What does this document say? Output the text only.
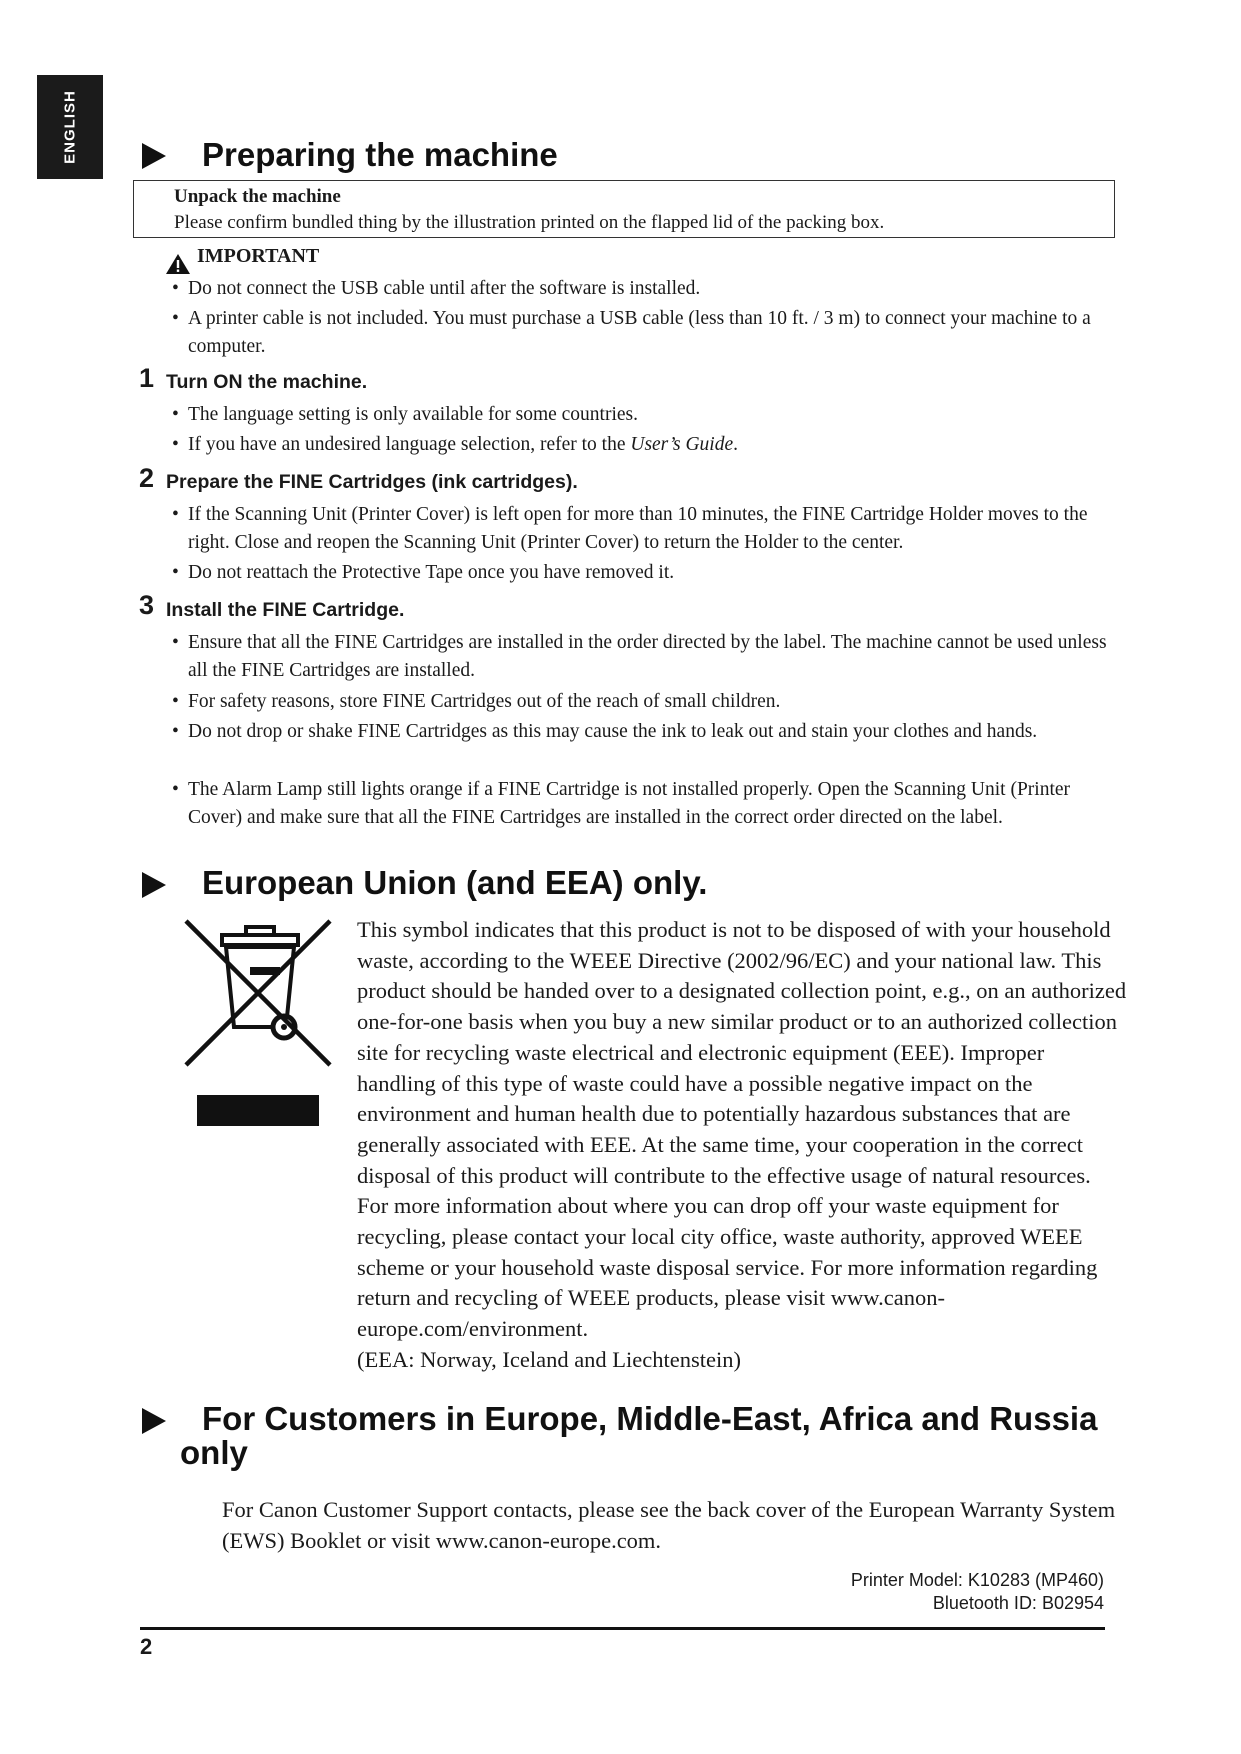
ENGLISH	Preparing the machine
Unpack the machine
Please confirm bundled thing by the illustration printed on the flapped lid of the packing box.
IMPORTANT
• Do not connect the USB cable until after the software is installed.
• A printer cable is not included. You must purchase a USB cable (less than 10 ft. / 3 m) to connect your machine to a computer.
1 Turn ON the machine.
• The language setting is only available for some countries.
• If you have an undesired language selection, refer to the User’s Guide.
2 Prepare the FINE Cartridges (ink cartridges).
• If the Scanning Unit (Printer Cover) is left open for more than 10 minutes, the FINE Cartridge Holder moves to the right. Close and reopen the Scanning Unit (Printer Cover) to return the Holder to the center.
• Do not reattach the Protective Tape once you have removed it.
3 Install the FINE Cartridge.
• Ensure that all the FINE Cartridges are installed in the order directed by the label. The machine cannot be used unless all the FINE Cartridges are installed.
• For safety reasons, store FINE Cartridges out of the reach of small children.
• Do not drop or shake FINE Cartridges as this may cause the ink to leak out and stain your clothes and hands.
• The Alarm Lamp still lights orange if a FINE Cartridge is not installed properly. Open the Scanning Unit (Printer Cover) and make sure that all the FINE Cartridges are installed in the correct order directed on the label.
European Union (and EEA) only.

This symbol indicates that this product is not to be disposed of with your household waste, according to the WEEE Directive (2002/96/EC) and your national law. This product should be handed over to a designated collection point, e.g., on an authorized one-for-one basis when you buy a new similar product or to an authorized collection site for recycling waste electrical and electronic equipment (EEE). Improper handling of this type of waste could have a possible negative impact on the environment and human health due to potentially hazardous substances that are generally associated with EEE. At the same time, your cooperation in the correct disposal of this product will contribute to the effective usage of natural resources. For more information about where you can drop off your waste equipment for recycling, please contact your local city office, waste authority, approved WEEE scheme or your household waste disposal service. For more information regarding return and recycling of WEEE products, please visit www.canon-europe.com/environment.

(EEA: Norway, Iceland and Liechtenstein)

For Customers in Europe, Middle-East, Africa and Russia
only
For Canon Customer Support contacts, please see the back cover of the European Warranty System (EWS) Booklet or visit www.canon-europe.com.
Printer Model: K10283 (MP460)
Bluetooth ID: B02954
2
